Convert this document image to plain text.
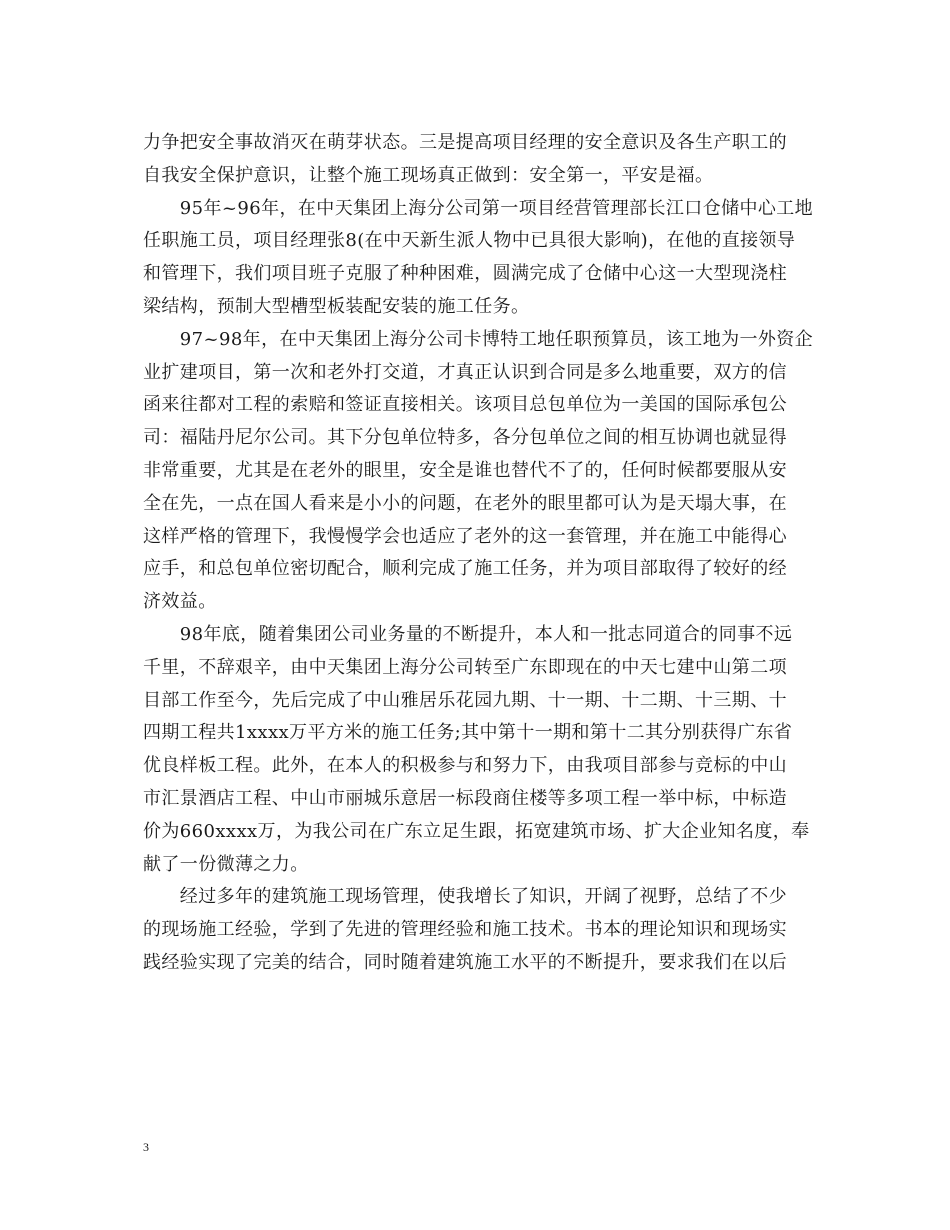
力争把安全事故消灭在萌芽状态。三是提高项目经理的安全意识及各生产职工的
自我安全保护意识，让整个施工现场真正做到：安全第一，平安是福。
　　95年~96年，在中天集团上海分公司第一项目经营管理部长江口仓储中心工地
任职施工员，项目经理张8(在中天新生派人物中已具很大影响)，在他的直接领导
和管理下，我们项目班子克服了种种困难，圆满完成了仓储中心这一大型现浇柱
梁结构，预制大型槽型板装配安装的施工任务。
　　97~98年，在中天集团上海分公司卡博特工地任职预算员，该工地为一外资企
业扩建项目，第一次和老外打交道，才真正认识到合同是多么地重要，双方的信
函来往都对工程的索赔和签证直接相关。该项目总包单位为一美国的国际承包公
司：福陆丹尼尔公司。其下分包单位特多，各分包单位之间的相互协调也就显得
非常重要，尤其是在老外的眼里，安全是谁也替代不了的，任何时候都要服从安
全在先，一点在国人看来是小小的问题，在老外的眼里都可认为是天塌大事，在
这样严格的管理下，我慢慢学会也适应了老外的这一套管理，并在施工中能得心
应手，和总包单位密切配合，顺利完成了施工任务，并为项目部取得了较好的经
济效益。
　　98年底，随着集团公司业务量的不断提升，本人和一批志同道合的同事不远
千里，不辞艰辛，由中天集团上海分公司转至广东即现在的中天七建中山第二项
目部工作至今，先后完成了中山雅居乐花园九期、十一期、十二期、十三期、十
四期工程共1xxxx万平方米的施工任务;其中第十一期和第十二其分别获得广东省
优良样板工程。此外，在本人的积极参与和努力下，由我项目部参与竞标的中山
市汇景酒店工程、中山市丽城乐意居一标段商住楼等多项工程一举中标，中标造
价为660xxxx万，为我公司在广东立足生跟，拓宽建筑市场、扩大企业知名度，奉
献了一份微薄之力。
　　经过多年的建筑施工现场管理，使我增长了知识，开阔了视野，总结了不少
的现场施工经验，学到了先进的管理经验和施工技术。书本的理论知识和现场实
践经验实现了完美的结合，同时随着建筑施工水平的不断提升，要求我们在以后
3
